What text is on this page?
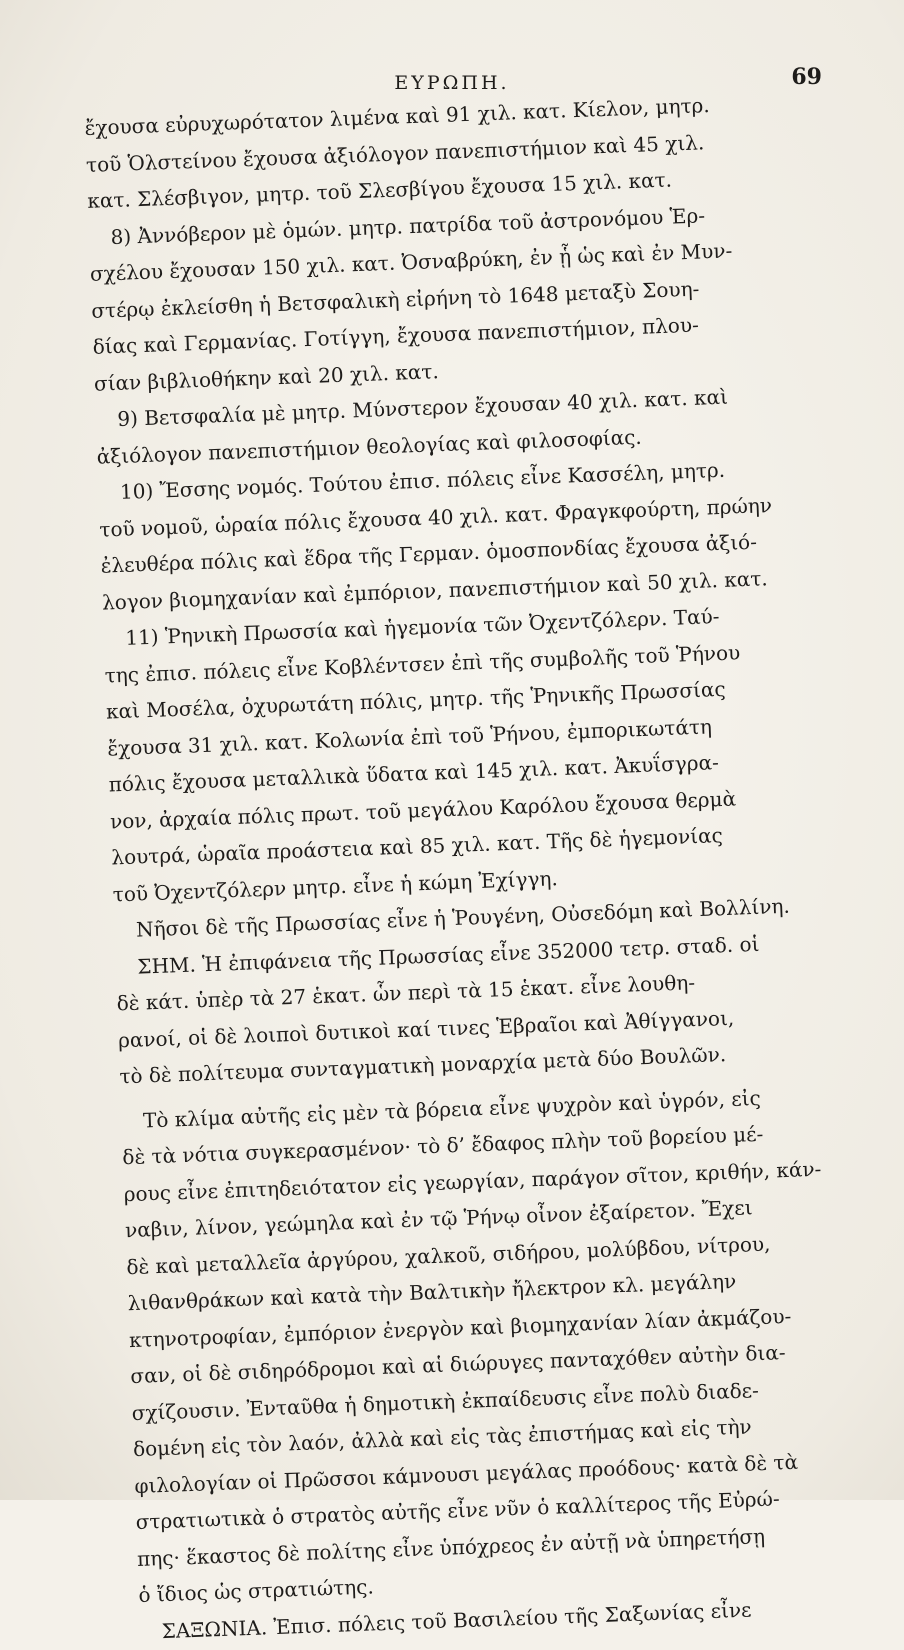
ΕΥΡΩΠΗ.	69
ἔχουσα εὐρυχωρότατον λιμένα καὶ 91 χιλ. κατ. Κίελον, μητρ.
τοῦ Ὁλστείνου ἔχουσα ἀξιόλογον πανεπιστήμιον καὶ 45 χιλ.
κατ. Σλέσβιγον, μητρ. τοῦ Σλεσβίγου ἔχουσα 15 χιλ. κατ.
8) Ἀννόβερον μὲ ὁμών. μητρ. πατρίδα τοῦ ἀστρονόμου Ἑρ-
σχέλου ἔχουσαν 150 χιλ. κατ. Ὀσναβρύκη, ἐν ᾗ ὡς καὶ ἐν Μυν-
στέρῳ ἐκλείσθη ἡ Βετσφαλικὴ εἰρήνη τὸ 1648 μεταξὺ Σουη-
δίας καὶ Γερμανίας. Γοτίγγη, ἔχουσα πανεπιστήμιον, πλου-
σίαν βιβλιοθήκην καὶ 20 χιλ. κατ.
9) Βετσφαλία μὲ μητρ. Μύνστερον ἔχουσαν 40 χιλ. κατ. καὶ
ἀξιόλογον πανεπιστήμιον θεολογίας καὶ φιλοσοφίας.
10) Ἔσσης νομός. Τούτου ἐπισ. πόλεις εἶνε Κασσέλη, μητρ.
τοῦ νομοῦ, ὡραία πόλις ἔχουσα 40 χιλ. κατ. Φραγκφούρτη, πρώην
ἐλευθέρα πόλις καὶ ἕδρα τῆς Γερμαν. ὁμοσπονδίας ἔχουσα ἀξιό-
λογον βιομηχανίαν καὶ ἐμπόριον, πανεπιστήμιον καὶ 50 χιλ. κατ.
11) Ῥηνικὴ Πρωσσία καὶ ἡγεμονία τῶν Ὀχεντζόλερν. Ταύ-
της ἐπισ. πόλεις εἶνε Κοβλέντσεν ἐπὶ τῆς συμβολῆς τοῦ Ῥήνου
καὶ Μοσέλα, ὀχυρωτάτη πόλις, μητρ. τῆς Ῥηνικῆς Πρωσσίας
ἔχουσα 31 χιλ. κατ. Κολωνία ἐπὶ τοῦ Ῥήνου, ἐμπορικωτάτη
πόλις ἔχουσα μεταλλικὰ ὕδατα καὶ 145 χιλ. κατ. Ἀκυΐσγρα-
νον, ἀρχαία πόλις πρωτ. τοῦ μεγάλου Καρόλου ἔχουσα θερμὰ
λουτρά, ὡραῖα προάστεια καὶ 85 χιλ. κατ. Τῆς δὲ ἡγεμονίας
τοῦ Ὀχεντζόλερν μητρ. εἶνε ἡ κώμη Ἐχίγγη.
Νῆσοι δὲ τῆς Πρωσσίας εἶνε ἡ Ῥουγένη, Οὐσεδόμη καὶ Βολλίνη.
ΣΗΜ. Ἡ ἐπιφάνεια τῆς Πρωσσίας εἶνε 352000 τετρ. σταδ. οἱ
δὲ κάτ. ὑπὲρ τὰ 27 ἑκατ. ὧν περὶ τὰ 15 ἑκατ. εἶνε λουθη-
ρανοί, οἱ δὲ λοιποὶ δυτικοὶ καί τινες Ἑβραῖοι καὶ Ἀθίγγανοι,
τὸ δὲ πολίτευμα συνταγματικὴ μοναρχία μετὰ δύο Βουλῶν.
Τὸ κλίμα αὐτῆς εἰς μὲν τὰ βόρεια εἶνε ψυχρὸν καὶ ὑγρόν, εἰς
δὲ τὰ νότια συγκερασμένον· τὸ δ’ ἔδαφος πλὴν τοῦ βορείου μέ-
ρους εἶνε ἐπιτηδειότατον εἰς γεωργίαν, παράγον σῖτον, κριθήν, κάν-
ναβιν, λίνον, γεώμηλα καὶ ἐν τῷ Ῥήνῳ οἶνον ἐξαίρετον. Ἔχει
δὲ καὶ μεταλλεῖα ἀργύρου, χαλκοῦ, σιδήρου, μολύβδου, νίτρου,
λιθανθράκων καὶ κατὰ τὴν Βαλτικὴν ἤλεκτρον κλ. μεγάλην
κτηνοτροφίαν, ἐμπόριον ἐνεργὸν καὶ βιομηχανίαν λίαν ἀκμάζου-
σαν, οἱ δὲ σιδηρόδρομοι καὶ αἱ διώρυγες πανταχόθεν αὐτὴν δια-
σχίζουσιν. Ἐνταῦθα ἡ δημοτικὴ ἐκπαίδευσις εἶνε πολὺ διαδε-
δομένη εἰς τὸν λαόν, ἀλλὰ καὶ εἰς τὰς ἐπιστήμας καὶ εἰς τὴν
φιλολογίαν οἱ Πρῶσσοι κάμνουσι μεγάλας προόδους· κατὰ δὲ τὰ
στρατιωτικὰ ὁ στρατὸς αὐτῆς εἶνε νῦν ὁ καλλίτερος τῆς Εὐρώ-
πης· ἕκαστος δὲ πολίτης εἶνε ὑπόχρεος ἐν αὐτῇ νὰ ὑπηρετήσῃ
ὁ ἴδιος ὡς στρατιώτης.
ΣΑΞΩΝΙΑ. Ἐπισ. πόλεις τοῦ Βασιλείου τῆς Σαξωνίας εἶνε
